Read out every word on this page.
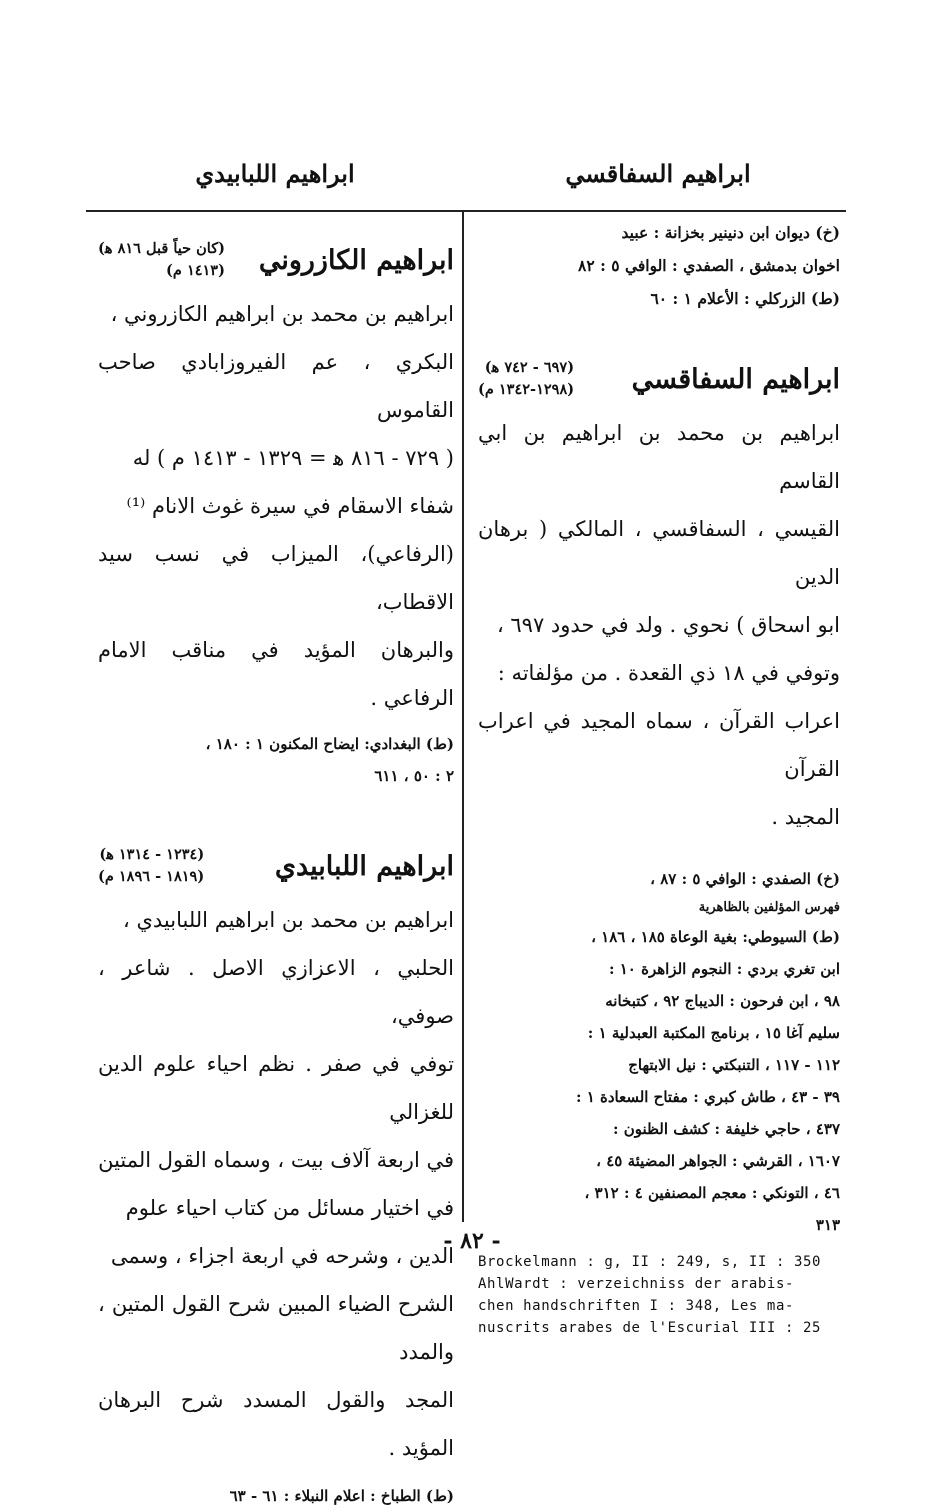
ابراهيم السفاقسي
ابراهيم اللبابيدي
(خ) ديوان ابن دنينير بخزانة : عبيد
اخوان بدمشق ، الصفدي : الوافي ٥ : ٨٢
(ط) الزركلي : الأعلام ١ : ٦٠
ابراهيم السفاقسي
(٦٩٧ - ٧٤٢ ﻫ)
(١٢٩٨-١٣٤٢ م)
ابراهيم بن محمد بن ابراهيم بن ابي القاسم
القيسي ، السفاقسي ، المالكي ( برهان الدين
ابو اسحاق ) نحوي . ولد في حدود ٦٩٧ ،
وتوفي في ١٨ ذي القعدة . من مؤلفاته :
اعراب القرآن ، سماه المجيد في اعراب القرآن
المجيد .
(خ) الصفدي : الوافي ٥ : ٨٧ ،
فهرس المؤلفين بالظاهرية
(ط) السيوطي: بغية الوعاة ١٨٥ ، ١٨٦ ،
ابن تغري بردي : النجوم الزاهرة ١٠ :
٩٨ ، ابن فرحون : الديباج ٩٢ ، كتبخانه
سليم آغا ١٥ ، برنامج المكتبة العبدلية ١ :
١١٢ - ١١٧ ، التنبكتي : نيل الابتهاج
٣٩ - ٤٣ ، طاش كبري : مفتاح السعادة ١ :
٤٣٧ ، حاجي خليفة : كشف الظنون :
١٦٠٧ ، القرشي : الجواهر المضيئة ٤٥ ،
٤٦ ، التونكي : معجم المصنفين ٤ : ٣١٢ ،
٣١٣
Brockelmann : g, II : 249, s, II : 350
AhlWardt : verzeichniss der arabis-
chen handschriften I : 348, Les ma-
nuscrits arabes de l'Escurial III : 25
ابراهيم الكازروني
(كان حياً قبل ٨١٦ ﻫ)
(١٤١٣ م)
ابراهيم بن محمد بن ابراهيم الكازروني ،
البكري ، عم الفيروزابادي صاحب القاموس
( ٧٢٩ - ٨١٦ ﻫ = ١٣٢٩ - ١٤١٣ م ) له
شفاء الاسقام في سيرة غوث الانام ⁽¹⁾
(الرفاعي)، الميزاب في نسب سيد الاقطاب،
والبرهان المؤيد في مناقب الامام الرفاعي .
(ط) البغدادي: ايضاح المكنون ١ : ١٨٠ ،
٢ : ٥٠ ، ٦١١
ابراهيم اللبابيدي
(١٢٣٤ - ١٣١٤ ﻫ)
(١٨١٩ - ١٨٩٦ م)
ابراهيم بن محمد بن ابراهيم اللبابيدي ،
الحلبي ، الاعزازي الاصل . شاعر ، صوفي،
توفي في صفر . نظم احياء علوم الدين للغزالي
في اربعة آلاف بيت ، وسماه القول المتين
في اختيار مسائل من كتاب احياء علوم
الدين ، وشرحه في اربعة اجزاء ، وسمى
الشرح الضياء المبين شرح القول المتين ، والمدد
المجد والقول المسدد شرح البرهان المؤيد .
(ط) الطباخ : اعلام النبلاء : ٦١ - ٦٣
- ٨٢ -
